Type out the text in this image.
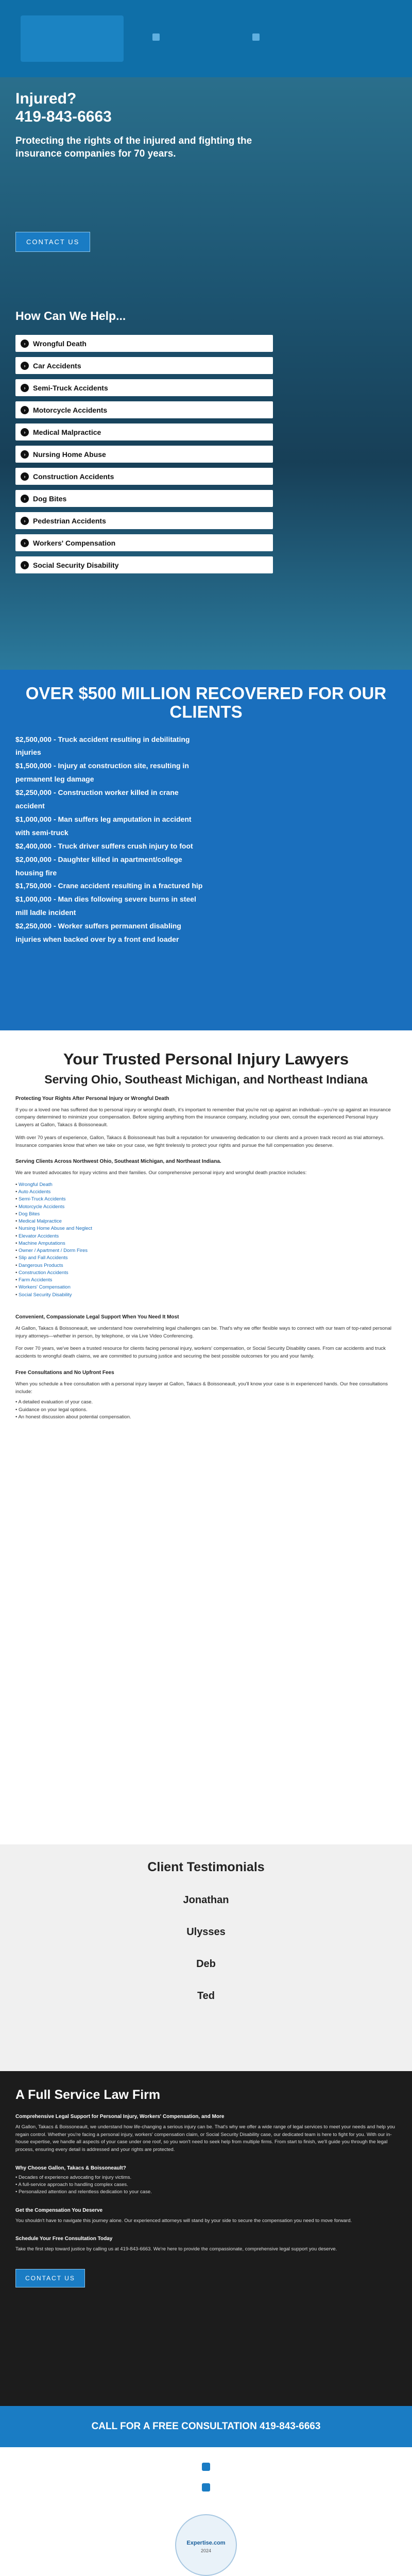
Injured?
419-843-6663
Protecting the rights of the injured and fighting the insurance companies for 70 years.
CONTACT US
How Can We Help...
›	Wrongful Death
›	Car Accidents
›	Semi-Truck Accidents
›	Motorcycle Accidents
›	Medical Malpractice
›	Nursing Home Abuse
›	Construction Accidents
›	Dog Bites
›	Pedestrian Accidents
›	Workers' Compensation
›	Social Security Disability
OVER $500 MILLION RECOVERED FOR OUR CLIENTS
$2,500,000 - Truck accident resulting in debilitating injuries
$1,500,000 - Injury at construction site, resulting in permanent leg damage
$2,250,000 - Construction worker killed in crane accident
$1,000,000 - Man suffers leg amputation in accident with semi-truck
$2,400,000 - Truck driver suffers crush injury to foot
$2,000,000 - Daughter killed in apartment/college housing fire
$1,750,000 - Crane accident resulting in a fractured hip
$1,000,000 - Man dies following severe burns in steel mill ladle incident
$2,250,000 - Worker suffers permanent disabling injuries when backed over by a front end loader
Your Trusted Personal Injury Lawyers
Serving Ohio, Southeast Michigan, and Northeast Indiana
Protecting Your Rights After Personal Injury or Wrongful Death

If you or a loved one has suffered due to personal injury or wrongful death, it's important to remember that you're not up against an individual—you're up against an insurance company determined to minimize your compensation. Before signing anything from the insurance company, including your own, consult the experienced Personal Injury Lawyers at Gallon, Takacs & Boissoneault.

With over 70 years of experience, Gallon, Takacs & Boissoneault has built a reputation for unwavering dedication to our clients and a proven track record as trial attorneys. Insurance companies know that when we take on your case, we fight tirelessly to protect your rights and pursue the full compensation you deserve.

Serving Clients Across Northwest Ohio, Southeast Michigan, and Northeast Indiana.

We are trusted advocates for injury victims and their families. Our comprehensive personal injury and wrongful death practice includes:

• Wrongful Death
• Auto Accidents
• Semi-Truck Accidents
• Motorcycle Accidents
• Dog Bites
• Medical Malpractice
• Nursing Home Abuse and Neglect
• Elevator Accidents
• Machine Amputations
• Owner / Apartment / Dorm Fires
• Slip and Fall Accidents
• Dangerous Products
• Construction Accidents
• Farm Accidents
• Workers' Compensation
• Social Security Disability
Convenient, Compassionate Legal Support When You Need It Most

At Gallon, Takacs & Boissoneault, we understand how overwhelming legal challenges can be. That's why we offer flexible ways to connect with our team of top-rated personal injury attorneys—whether in person, by telephone, or via Live Video Conferencing.

For over 70 years, we've been a trusted resource for clients facing personal injury, workers' compensation, or Social Security Disability cases. From car accidents and truck accidents to wrongful death claims, we are committed to pursuing justice and securing the best possible outcomes for you and your family.

Free Consultations and No Upfront Fees

When you schedule a free consultation with a personal injury lawyer at Gallon, Takacs & Boissoneault, you'll know your case is in experienced hands. Our free consultations include:

• A detailed evaluation of your case.
• Guidance on your legal options.
• An honest discussion about potential compensation.
Client Testimonials
Jonathan
Ulysses
Deb
Ted
A Full Service Law Firm
Comprehensive Legal Support for Personal Injury, Workers' Compensation, and More

At Gallon, Takacs & Boissoneault, we understand how life-changing a serious injury can be. That's why we offer a wide range of legal services to meet your needs and help you regain control. Whether you're facing a personal injury, workers' compensation claim, or Social Security Disability case, our dedicated team is here to fight for you. With our in-house expertise, we handle all aspects of your case under one roof, so you won't need to seek help from multiple firms. From start to finish, we'll guide you through the legal process, ensuring every detail is addressed and your rights are protected.

Why Choose Gallon, Takacs & Boissoneault?
• Decades of experience advocating for injury victims.
• A full-service approach to handling complex cases.
• Personalized attention and relentless dedication to your case.
Get the Compensation You Deserve

You shouldn't have to navigate this journey alone. Our experienced attorneys will stand by your side to secure the compensation you need to move forward.

Schedule Your Free Consultation Today

Take the first step toward justice by calling us at 419-843-6663. We're here to provide the compassionate, comprehensive legal support you deserve.

CONTACT US
CALL FOR A FREE CONSULTATION 419-843-6663
Expertise.com
2024
